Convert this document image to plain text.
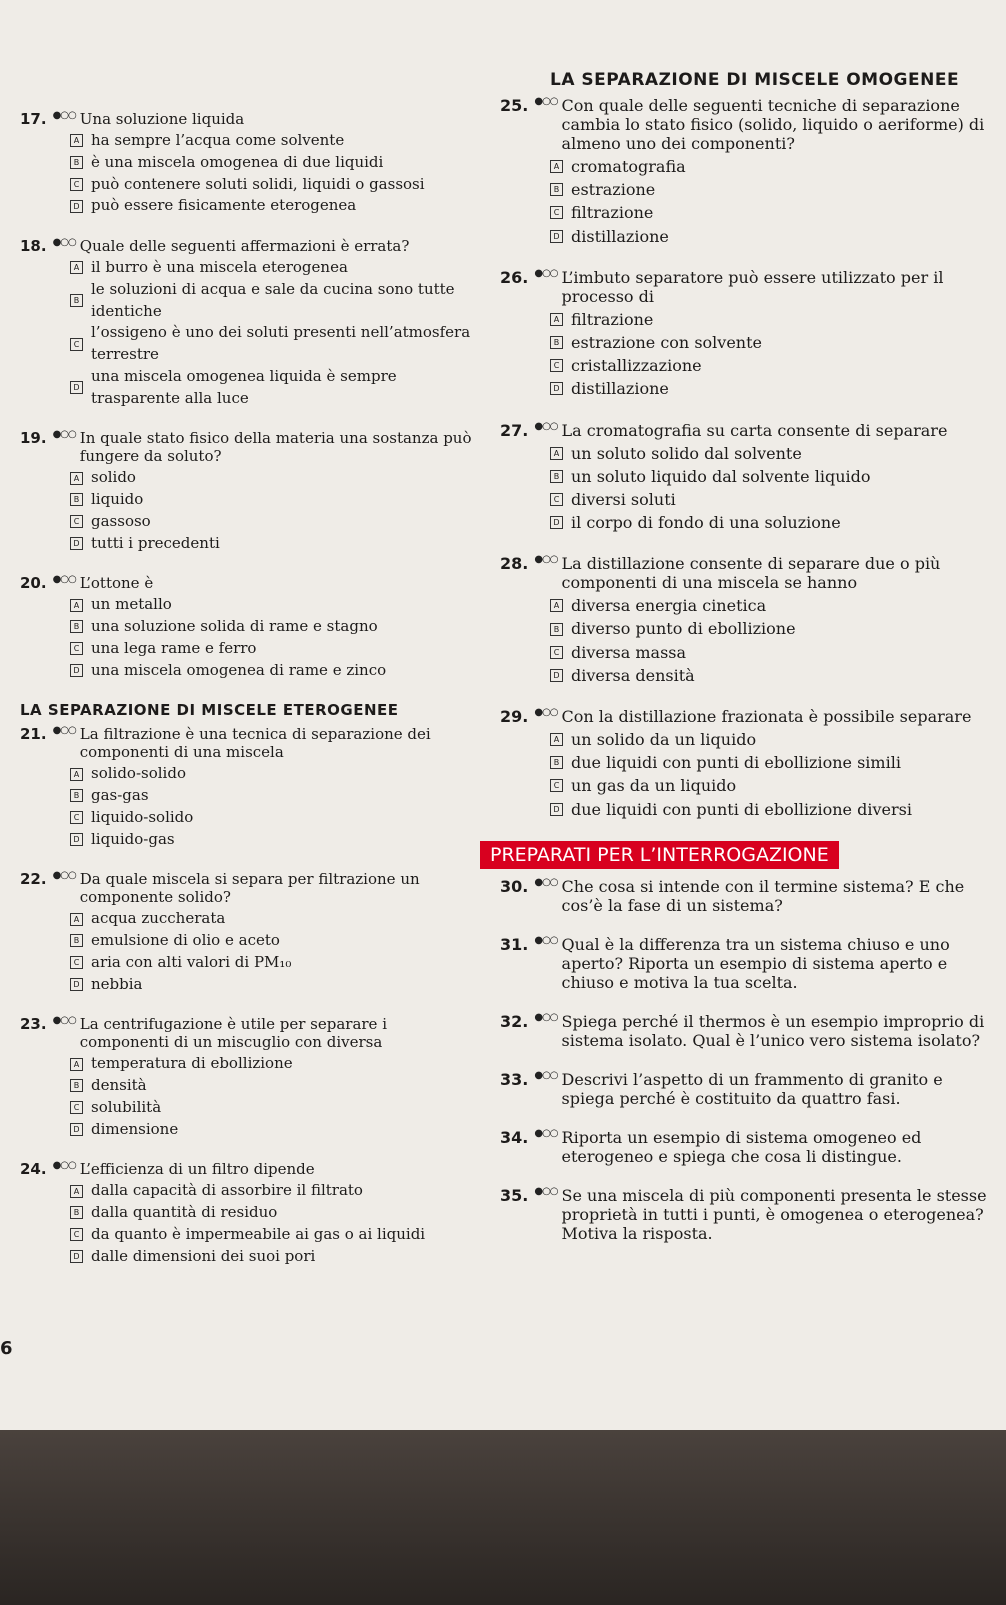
17. ●○○ Una soluzione liquida
A ha sempre l’acqua come solvente
B è una miscela omogenea di due liquidi
C può contenere soluti solidi, liquidi o gassosi
D può essere fisicamente eterogenea
18. ●○○ Quale delle seguenti affermazioni è errata?
A il burro è una miscela eterogenea
B
le soluzioni di acqua e sale da cucina sono tutte identiche
C
l’ossigeno è uno dei soluti presenti nell’atmosfera terrestre
D
una miscela omogenea liquida è sempre trasparente alla luce
19. ●○○ In quale stato fisico della materia una sostanza può fungere da soluto?
A solido
B liquido
C gassoso
D tutti i precedenti
20. ●○○ L’ottone è
A un metallo
B una soluzione solida di rame e stagno
C una lega rame e ferro
D una miscela omogenea di rame e zinco
LA SEPARAZIONE DI MISCELE ETEROGENEE
21. ●○○ La filtrazione è una tecnica di separazione dei componenti di una miscela
A solido-solido
B gas-gas
C liquido-solido
D liquido-gas
22. ●○○ Da quale miscela si separa per filtrazione un componente solido?
A acqua zuccherata
B emulsione di olio e aceto
C aria con alti valori di PM₁₀
D nebbia
23. ●○○ La centrifugazione è utile per separare i componenti di un miscuglio con diversa
A temperatura di ebollizione
B densità
C solubilità
D dimensione
24. ●○○ L’efficienza di un filtro dipende
A dalla capacità di assorbire il filtrato
B dalla quantità di residuo
C da quanto è impermeabile ai gas o ai liquidi
D dalle dimensioni dei suoi pori
LA SEPARAZIONE DI MISCELE OMOGENEE
25. ●○○ Con quale delle seguenti tecniche di separazione cambia lo stato fisico (solido, liquido o aeriforme) di almeno uno dei componenti?
A cromatografia
B estrazione
C filtrazione
D distillazione
26. ●○○ L’imbuto separatore può essere utilizzato per il processo di
A filtrazione
B estrazione con solvente
C cristallizzazione
D distillazione
27. ●○○ La cromatografia su carta consente di separare
A un soluto solido dal solvente
B un soluto liquido dal solvente liquido
C diversi soluti
D il corpo di fondo di una soluzione
28. ●○○ La distillazione consente di separare due o più componenti di una miscela se hanno
A diversa energia cinetica
B diverso punto di ebollizione
C diversa massa
D diversa densità
29. ●○○ Con la distillazione frazionata è possibile separare
A un solido da un liquido
B due liquidi con punti di ebollizione simili
C un gas da un liquido
D due liquidi con punti di ebollizione diversi
PREPARATI PER L’INTERROGAZIONE
30. ●○○ Che cosa si intende con il termine sistema? E che cos’è la fase di un sistema?
31. ●○○ Qual è la differenza tra un sistema chiuso e uno aperto? Riporta un esempio di sistema aperto e chiuso e motiva la tua scelta.
32. ●○○ Spiega perché il thermos è un esempio improprio di sistema isolato. Qual è l’unico vero sistema isolato?
33. ●○○ Descrivi l’aspetto di un frammento di granito e spiega perché è costituito da quattro fasi.
34. ●○○ Riporta un esempio di sistema omogeneo ed eterogeneo e spiega che cosa li distingue.
35. ●○○ Se una miscela di più componenti presenta le stesse proprietà in tutti i punti, è omogenea o eterogenea? Motiva la risposta.
6
